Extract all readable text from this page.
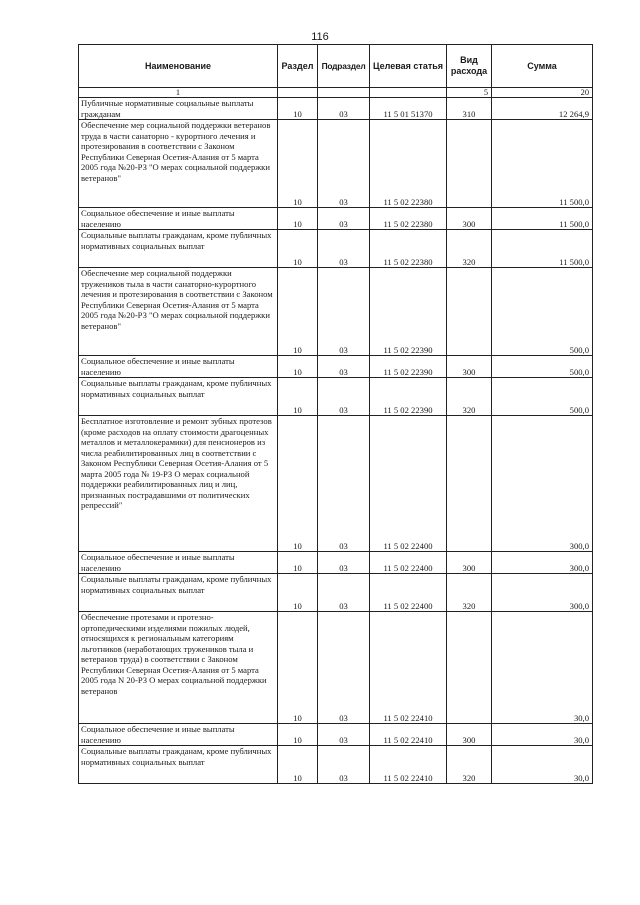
116
Наименование	Раздел	Подраздел	Целевая статья	Вид расхода	Сумма
1				5	20
Публичные нормативные социальные выплаты гражданам	10	03	11 5 01 51370	310	12 264,9
Обеспечение мер социальной поддержки ветеранов труда в части санаторно - курортного лечения и протезирования в соответствии с Законом Республики Северная Осетия-Алания от 5 марта 2005 года №20-РЗ "О мерах социальной поддержки ветеранов"	10	03	11 5 02 22380		11 500,0
Социальное обеспечение и иные выплаты населению	10	03	11 5 02 22380	300	11 500,0
Социальные выплаты гражданам, кроме публичных нормативных социальных выплат	10	03	11 5 02 22380	320	11 500,0
Обеспечение мер социальной поддержки тружеников тыла в части санаторно-курортного лечения и протезирования в соответствии с Законом Республики Северная Осетия-Алания от 5 марта 2005 года №20-РЗ "О мерах социальной поддержки ветеранов"	10	03	11 5 02 22390		500,0
Социальное обеспечение и иные выплаты населению	10	03	11 5 02 22390	300	500,0
Социальные выплаты гражданам, кроме публичных нормативных социальных выплат	10	03	11 5 02 22390	320	500,0
Бесплатное изготовление и ремонт зубных протезов (кроме расходов на оплату стоимости драгоценных металлов и металлокерамики) для пенсионеров из числа реабилитированных лиц в соответствии с Законом Республики Северная Осетия-Алания от 5 марта 2005 года № 19-РЗ О мерах социальной поддержки реабилитированных лиц и лиц, признанных пострадавшими от политических репрессий"	10	03	11 5 02 22400		300,0
Социальное обеспечение и иные выплаты населению	10	03	11 5 02 22400	300	300,0
Социальные выплаты гражданам, кроме публичных нормативных социальных выплат	10	03	11 5 02 22400	320	300,0
Обеспечение протезами и протезно-ортопедическими изделиями пожилых людей, относящихся к региональным категориям льготников (неработающих тружеников тыла и ветеранов труда) в соответствии с Законом Республики Северная Осетия-Алания от 5 марта 2005 года N 20-РЗ О мерах социальной поддержки ветеранов	10	03	11 5 02 22410		30,0
Социальное обеспечение и иные выплаты населению	10	03	11 5 02 22410	300	30,0
Социальные выплаты гражданам, кроме публичных нормативных социальных выплат	10	03	11 5 02 22410	320	30,0
